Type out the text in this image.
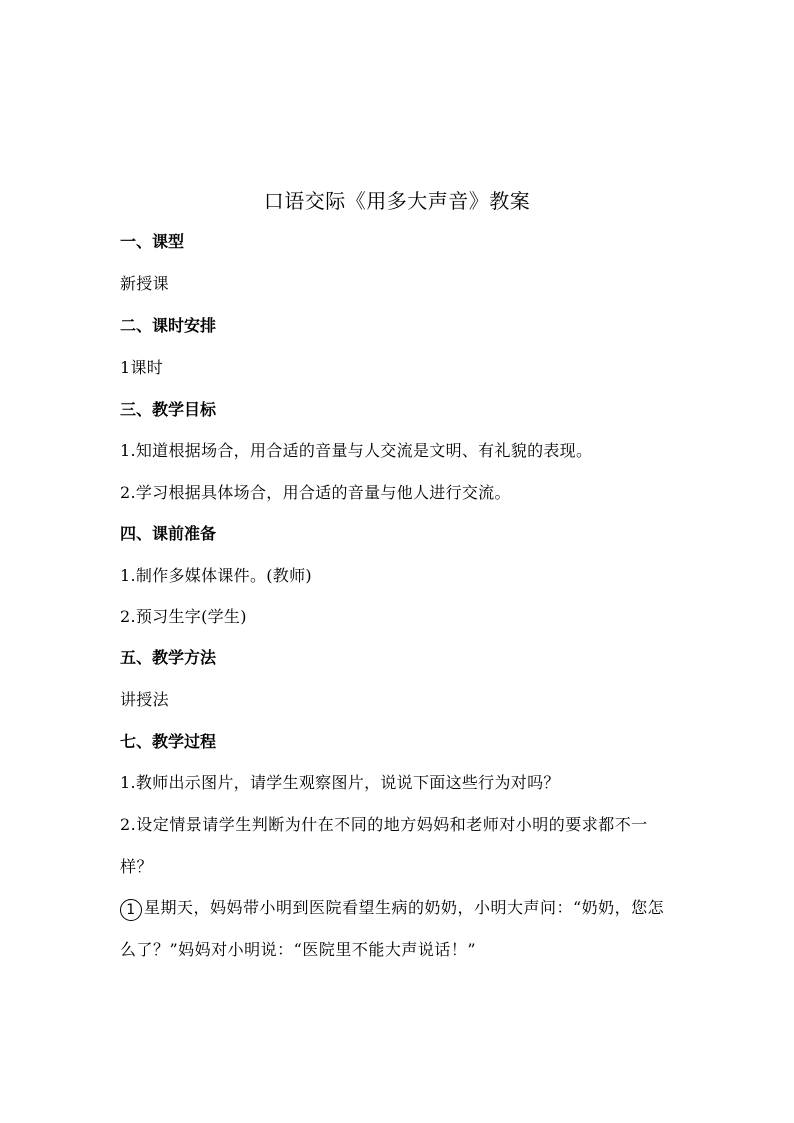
口语交际《用多大声音》教案
一、课型
新授课
二、课时安排
1课时
三、教学目标
1.知道根据场合，用合适的音量与人交流是文明、有礼貌的表现。
2.学习根据具体场合，用合适的音量与他人进行交流。
四、课前准备
1.制作多媒体课件。(教师)
2.预习生字(学生)
五、教学方法
讲授法
七、教学过程
1.教师出示图片，请学生观察图片，说说下面这些行为对吗？
2.设定情景请学生判断为什在不同的地方妈妈和老师对小明的要求都不一样？
1 星期天，妈妈带小明到医院看望生病的奶奶，小明大声问：“奶奶，您怎么了？”妈妈对小明说：“医院里不能大声说话！”
